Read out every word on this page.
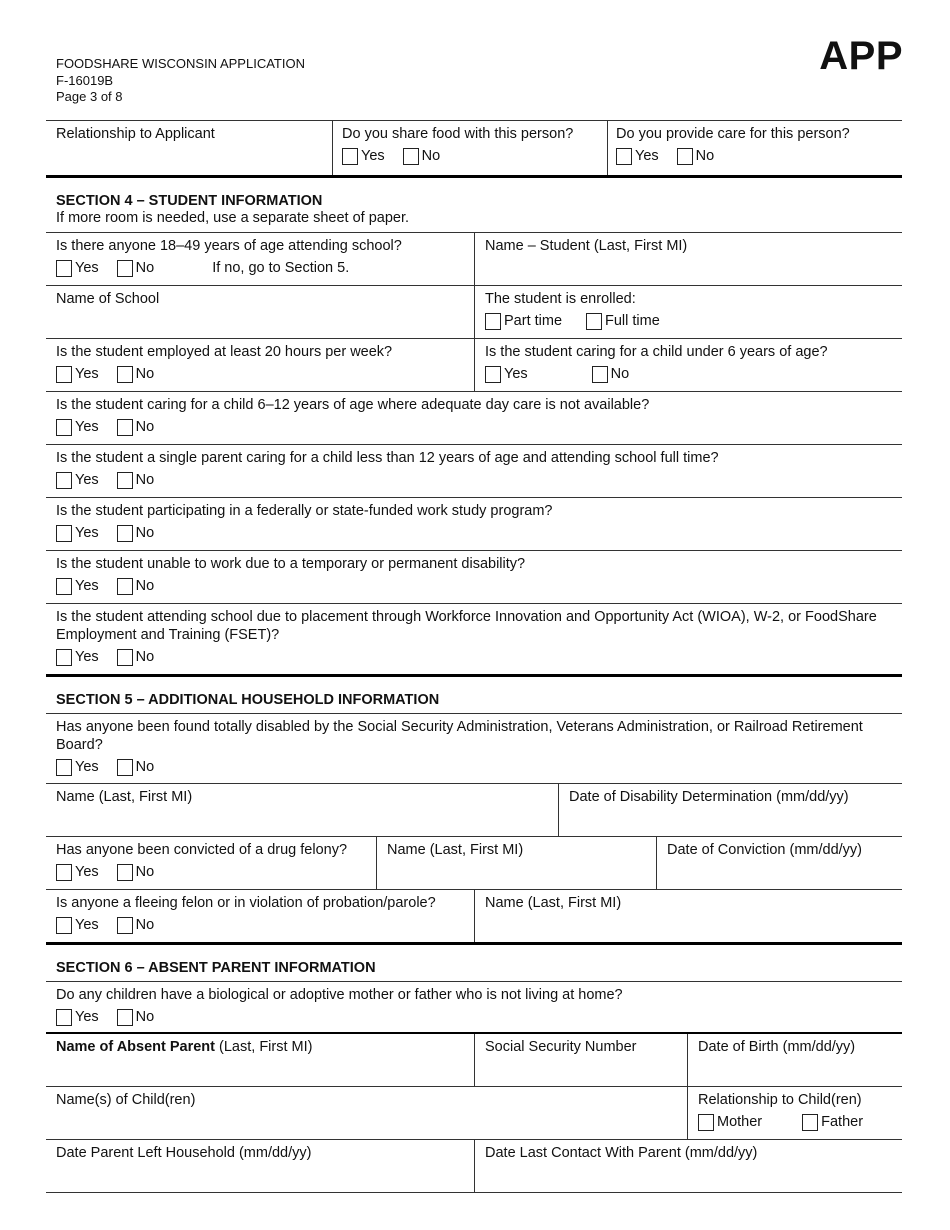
FOODSHARE WISCONSIN APPLICATION
F-16019B
Page 3 of 8
APP
Relationship to Applicant	Do you share food with this person?
Yes	No
Do you provide care for this person?
Yes	No
SECTION 4 – STUDENT INFORMATION
If more room is needed, use a separate sheet of paper.
Is there anyone 18–49 years of age attending school?
Yes	No	If no, go to Section 5.
Name – Student (Last, First MI)
Name of School	The student is enrolled:
Part time	Full time
Is the student employed at least 20 hours per week?
Yes	No
Is the student caring for a child under 6 years of age?
Yes	No
Is the student caring for a child 6–12 years of age where adequate day care is not available?
Yes	No
Is the student a single parent caring for a child less than 12 years of age and attending school full time?
Yes	No
Is the student participating in a federally or state-funded work study program?
Yes	No
Is the student unable to work due to a temporary or permanent disability?
Yes	No
Is the student attending school due to placement through Workforce Innovation and Opportunity Act (WIOA), W-2, or FoodShare Employment and Training (FSET)?
Yes	No
SECTION 5 – ADDITIONAL HOUSEHOLD INFORMATION
Has anyone been found totally disabled by the Social Security Administration, Veterans Administration, or Railroad Retirement Board?
Yes	No
Name (Last, First MI)	Date of Disability Determination (mm/dd/yy)
Has anyone been convicted of a drug felony?
Yes	No
Name (Last, First MI)	Date of Conviction (mm/dd/yy)
Is anyone a fleeing felon or in violation of probation/parole?
Yes	No
Name (Last, First MI)
SECTION 6 – ABSENT PARENT INFORMATION
Do any children have a biological or adoptive mother or father who is not living at home?
Yes	No
Name of Absent Parent (Last, First MI)	Social Security Number	Date of Birth (mm/dd/yy)
Name(s) of Child(ren)	Relationship to Child(ren)
Mother	Father
Date Parent Left Household (mm/dd/yy)	Date Last Contact With Parent (mm/dd/yy)
